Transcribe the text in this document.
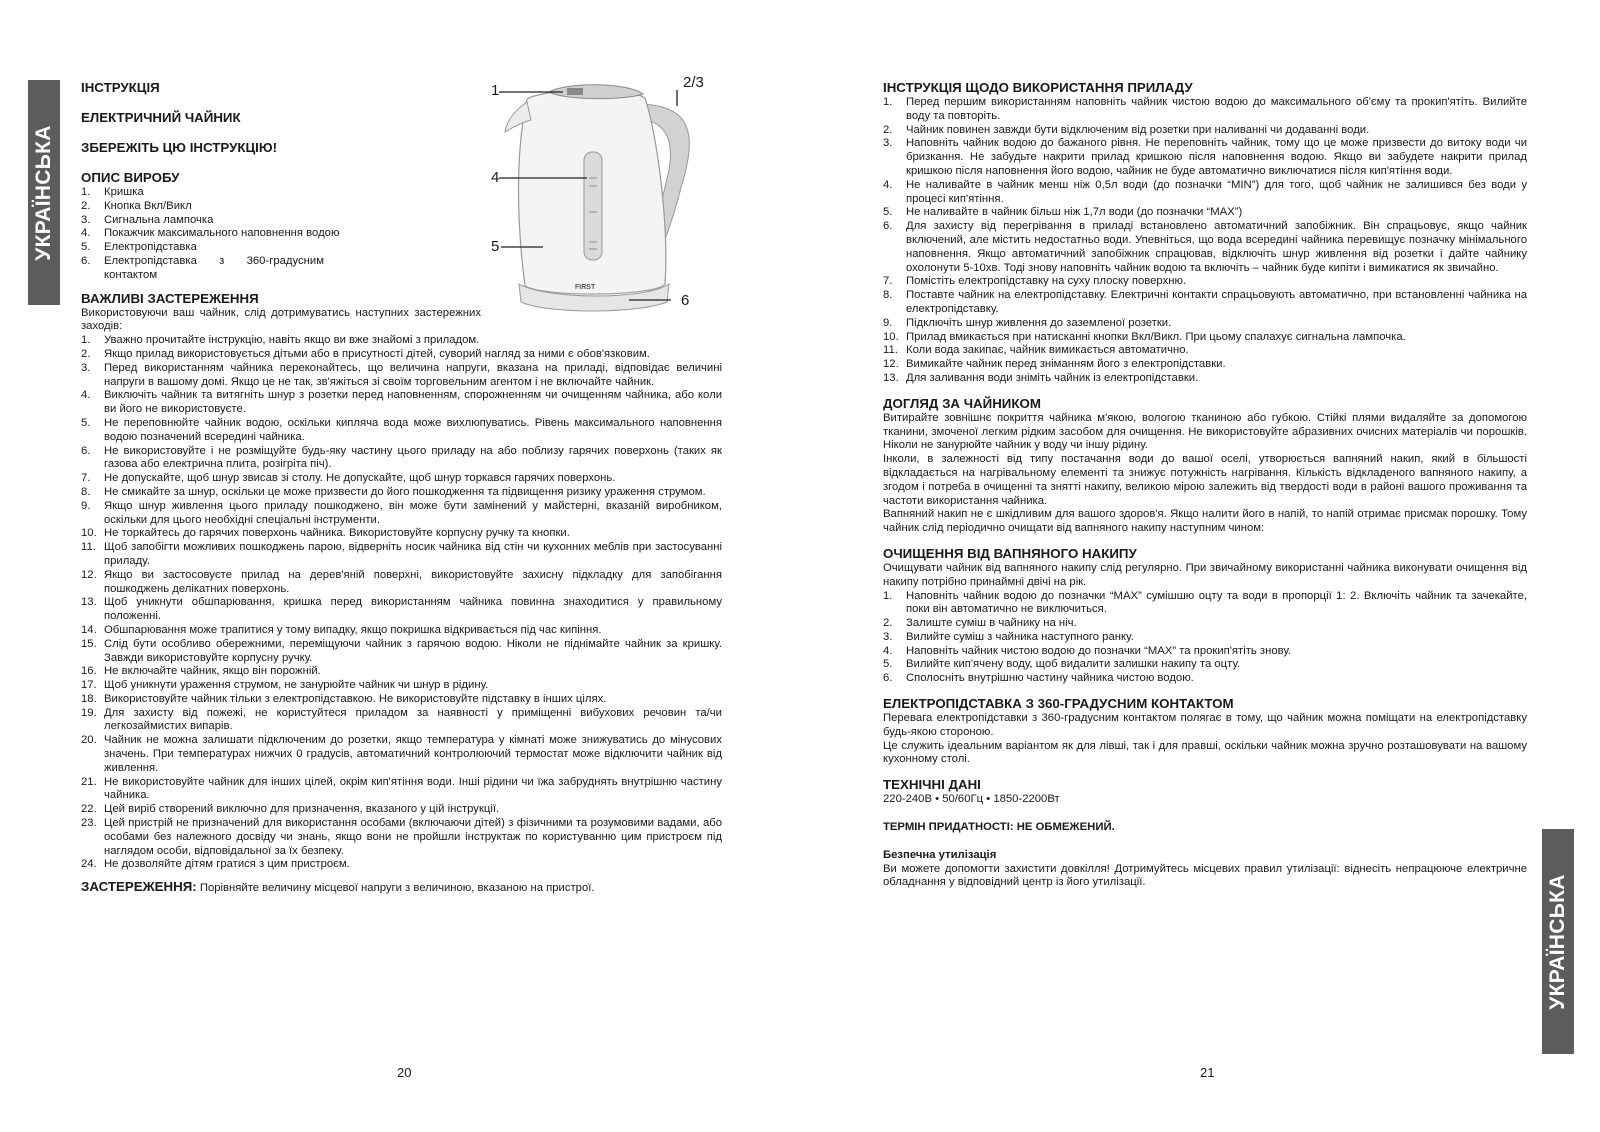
УКРАЇНСЬКА
УКРАЇНСЬКА
FIRST
1	2/3
4
5
6
ІНСТРУКЦІЯ
ЕЛЕКТРИЧНИЙ ЧАЙНИК
ЗБЕРЕЖІТЬ ЦЮ ІНСТРУКЦІЮ!
ОПИС ВИРОБУ
1. Кришка
2. Кнопка Вкл/Викл
3. Сигнальна лампочка
4. Покажчик максимального наповнення водою
5. Електропідставка
6. Електропідставка з 360-градусним контактом
ВАЖЛИВІ ЗАСТЕРЕЖЕННЯ

Використовуючи ваш чайник, слід дотримуватись наступних застережних заходів:

1. Уважно прочитайте інструкцію, навіть якщо ви вже знайомі з приладом.
2. Якщо прилад використовується дітьми або в присутності дітей, суворий нагляд за ними є обов'язковим.
3. Перед використанням чайника переконайтесь, що величина напруги, вказана на приладі, відповідає величині напруги в вашому домі. Якщо це не так, зв'яжіться зі своїм торговельним агентом і не включайте чайник.
4. Виключіть чайник та витягніть шнур з розетки перед наповненням, спорожненням чи очищенням чайника, або коли ви його не використовуєте.
5. Не переповнюйте чайник водою, оскільки кипляча вода може вихлюпуватись. Рівень максимального наповнення водою позначений всередині чайника.
6. Не використовуйте і не розміщуйте будь-яку частину цього приладу на або поблизу гарячих поверхонь (таких як газова або електрична плита, розігріта піч).
7. Не допускайте, щоб шнур звисав зі столу. Не допускайте, щоб шнур торкався гарячих поверхонь.
8. Не смикайте за шнур, оскільки це може призвести до його пошкодження та підвищення ризику ураження струмом.
9. Якщо шнур живлення цього приладу пошкоджено, він може бути замінений у майстерні, вказаній виробником, оскільки для цього необхідні спеціальні інструменти.
10. Не торкайтесь до гарячих поверхонь чайника. Використовуйте корпусну ручку та кнопки.
11. Щоб запобігти можливих пошкоджень парою, відверніть носик чайника від стін чи кухонних меблів при застосуванні приладу.
12. Якщо ви застосовуєте прилад на дерев'яній поверхні, використовуйте захисну підкладку для запобігання пошкоджень делікатних поверхонь.
13. Щоб уникнути обшпарювання, кришка перед використанням чайника повинна знаходитися у правильному положенні.
14. Обшпарювання може трапитися у тому випадку, якщо покришка відкривається під час кипіння.
15. Слід бути особливо обережними, переміщуючи чайник з гарячою водою. Ніколи не піднімайте чайник за кришку. Завжди використовуйте корпусну ручку.
16. Не включайте чайник, якщо він порожній.
17. Щоб уникнути ураження струмом, не занурюйте чайник чи шнур в рідину.
18. Використовуйте чайник тільки з електропідставкою. Не використовуйте підставку в інших цілях.
19. Для захисту від пожежі, не користуйтеся приладом за наявності у приміщенні вибухових речовин та/чи легкозаймистих випарів.
20. Чайник не можна залишати підключеним до розетки, якщо температура у кімнаті може знижуватись до мінусових значень. При температурах нижчих 0 градусів, автоматичний контролюючий термостат може відключити чайник від живлення.
21. Не використовуйте чайник для інших цілей, окрім кип'ятіння води. Інші рідини чи їжа забруднять внутрішню частину чайника.
22. Цей виріб створений виключно для призначення, вказаного у цій інструкції.
23. Цей пристрій не призначений для використання особами (включаючи дітей) з фізичними та розумовими вадами, або особами без належного досвіду чи знань, якщо вони не пройшли інструктаж по користуванню цим пристроєм під наглядом особи, відповідальної за їх безпеку.
24. Не дозволяйте дітям гратися з цим пристроєм.

ЗАСТЕРЕЖЕННЯ: Порівняйте величину місцевої напруги з величиною, вказаною на пристрої.

ІНСТРУКЦІЯ ЩОДО ВИКОРИСТАННЯ ПРИЛАДУ
1. Перед першим використанням наповніть чайник чистою водою до максимального об'єму та прокип'ятіть. Вилийте воду та повторіть.
2. Чайник повинен завжди бути відключеним від розетки при наливанні чи додаванні води.
3. Наповніть чайник водою до бажаного рівня. Не переповніть чайник, тому що це може призвести до витоку води чи бризкання. Не забудьте накрити прилад кришкою після наповнення водою. Якщо ви забудете накрити прилад кришкою після наповнення його водою, чайник не буде автоматично виключатися після кип'ятіння води.
4. Не наливайте в чайник менш ніж 0,5л води (до позначки “MIN”) для того, щоб чайник не залишився без води у процесі кип'ятіння.
5. Не наливайте в чайник більш ніж 1,7л води (до позначки “MAX”)
6. Для захисту від перегрівання в приладі встановлено автоматичний запобіжник. Він спрацьовує, якщо чайник включений, але містить недостатньо води. Упевніться, що вода всередині чайника перевищує позначку мінімального наповнення. Якщо автоматичний запобіжник спрацював, відключіть шнур живлення від розетки і дайте чайнику охолонути 5-10хв. Тоді знову наповніть чайник водою та включіть – чайник буде кипіти і вимикатися як звичайно.
7. Помістіть електропідставку на суху плоску поверхню.
8. Поставте чайник на електропідставку. Електричні контакти спрацьовують автоматично, при встановленні чайника на електропідставку.
9. Підключіть шнур живлення до заземленої розетки.
10. Прилад вмикається при натисканні кнопки Вкл/Викл. При цьому спалахує сигнальна лампочка.
11. Коли вода закипає, чайник вимикається автоматично.
12. Вимикайте чайник перед зніманням його з електропідставки.
13. Для заливання води зніміть чайник із електропідставки.
ДОГЛЯД ЗА ЧАЙНИКОМ

Витирайте зовнішнє покриття чайника м'якою, вологою тканиною або губкою. Стійкі плями видаляйте за допомогою тканини, змоченої легким рідким засобом для очищення. Не використовуйте абразивних очисних матеріалів чи порошків. Ніколи не занурюйте чайник у воду чи іншу рідину.

Інколи, в залежності від типу постачання води до вашої оселі, утворюється вапняний накип, який в більшості відкладається на нагрівальному елементі та знижує потужність нагрівання. Кількість відкладеного вапняного накипу, а згодом і потреба в очищенні та знятті накипу, великою мірою залежить від твердості води в районі вашого проживання та частоти використання чайника.

Вапняний накип не є шкідливим для вашого здоров'я. Якщо налити його в напій, то напій отримає присмак порошку. Тому чайник слід періодично очищати від вапняного накипу наступним чином:

ОЧИЩЕННЯ ВІД ВАПНЯНОГО НАКИПУ

Очищувати чайник від вапняного накипу слід регулярно. При звичайному використанні чайника виконувати очищення від накипу потрібно принаймні двічі на рік.

1. Наповніть чайник водою до позначки “MAX” сумішшю оцту та води в пропорції 1: 2. Включіть чайник та зачекайте, поки він автоматично не виключиться.
2. Залиште суміш в чайнику на ніч.
3. Вилийте суміш з чайника наступного ранку.
4. Наповніть чайник чистою водою до позначки “MAX” та прокип'ятіть знову.
5. Вилийте кип'ячену воду, щоб видалити залишки накипу та оцту.
6. Сполосніть внутрішню частину чайника чистою водою.
ЕЛЕКТРОПІДСТАВКА З 360-ГРАДУСНИМ КОНТАКТОМ

Перевага електропідставки з 360-градусним контактом полягає в тому, що чайник можна поміщати на електропідставку будь-якою стороною.

Це служить ідеальним варіантом як для лівші, так і для правші, оскільки чайник можна зручно розташовувати на вашому кухонному столі.

ТЕХНІЧНІ ДАНІ

220-240В • 50/60Гц • 1850-2200Вт

ТЕРМІН ПРИДАТНОСТІ: НЕ ОБМЕЖЕНИЙ.

Безпечна утилізація

Ви можете допомогти захистити довкілля! Дотримуйтесь місцевих правил утилізації: віднесіть непрацююче електричне обладнання у відповідний центр із його утилізації.

20	21
